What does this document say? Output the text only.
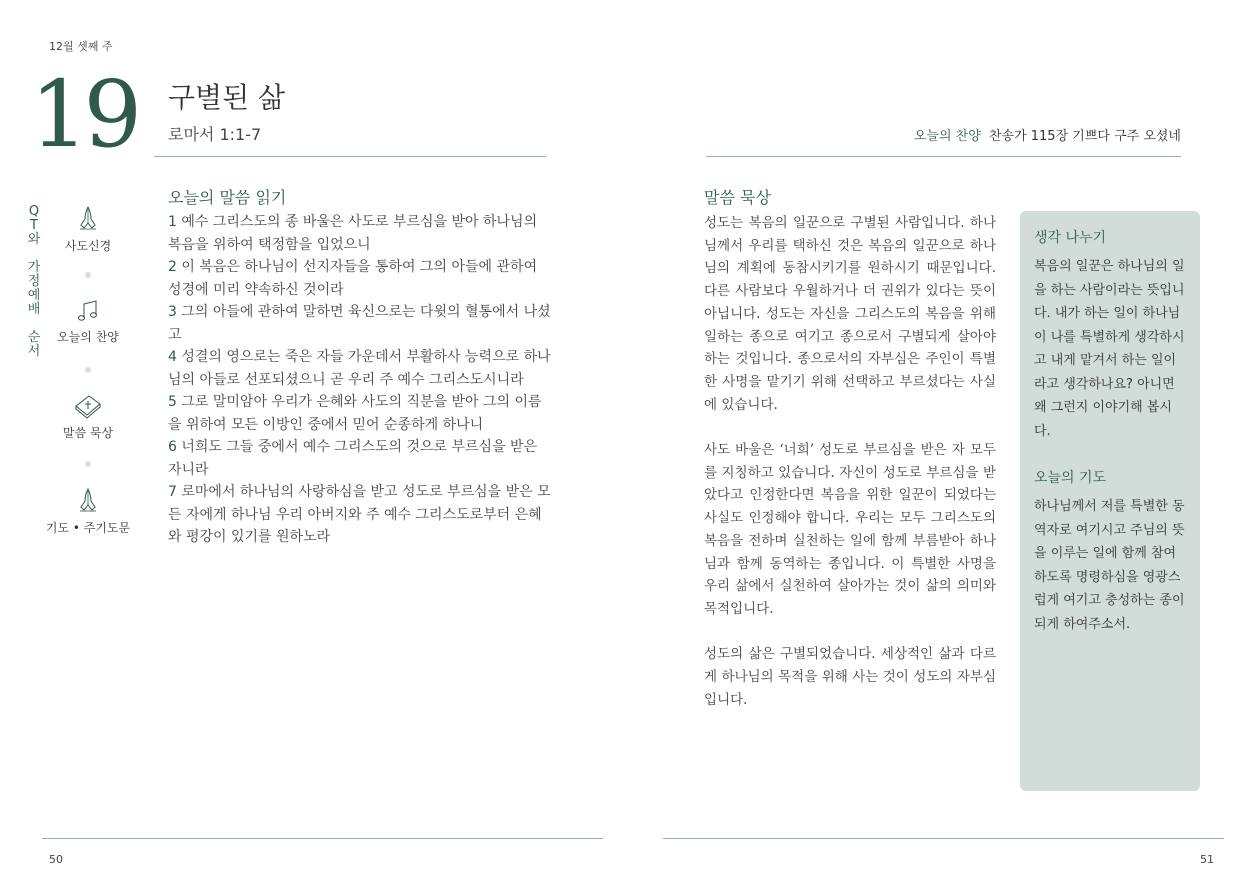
12월 셋째 주
19 구별된 삶
로마서 1:1-7	오늘의 찬양 찬송가 115장 기쁘다 구주 오셨네
Q
T
와
가
정
예
배
순
서
사도신경
오늘의 찬양
말씀 묵상
기도 • 주기도문
오늘의 말씀 읽기

1 예수 그리스도의 종 바울은 사도로 부르심을 받아 하나님의 복음을 위하여 택정함을 입었으니

2 이 복음은 하나님이 선지자들을 통하여 그의 아들에 관하여 성경에 미리 약속하신 것이라

3 그의 아들에 관하여 말하면 육신으로는 다윗의 혈통에서 나셨고

4 성결의 영으로는 죽은 자들 가운데서 부활하사 능력으로 하나님의 아들로 선포되셨으니 곧 우리 주 예수 그리스도시니라

5 그로 말미암아 우리가 은혜와 사도의 직분을 받아 그의 이름을 위하여 모든 이방인 중에서 믿어 순종하게 하나니

6 너희도 그들 중에서 예수 그리스도의 것으로 부르심을 받은 자니라

7 로마에서 하나님의 사랑하심을 받고 성도로 부르심을 받은 모든 자에게 하나님 우리 아버지와 주 예수 그리스도로부터 은혜와 평강이 있기를 원하노라

말씀 묵상

성도는 복음의 일꾼으로 구별된 사람입니다. 하나님께서 우리를 택하신 것은 복음의 일꾼으로 하나님의 계획에 동참시키기를 원하시기 때문입니다. 다른 사람보다 우월하거나 더 권위가 있다는 뜻이 아닙니다. 성도는 자신을 그리스도의 복음을 위해 일하는 종으로 여기고 종으로서 구별되게 살아야 하는 것입니다. 종으로서의 자부심은 주인이 특별한 사명을 맡기기 위해 선택하고 부르셨다는 사실에 있습니다.

사도 바울은 ‘너희’ 성도로 부르심을 받은 자 모두를 지칭하고 있습니다. 자신이 성도로 부르심을 받았다고 인정한다면 복음을 위한 일꾼이 되었다는 사실도 인정해야 합니다. 우리는 모두 그리스도의 복음을 전하며 실천하는 일에 함께 부름받아 하나님과 함께 동역하는 종입니다. 이 특별한 사명을 우리 삶에서 실천하여 살아가는 것이 삶의 의미와 목적입니다.

성도의 삶은 구별되었습니다. 세상적인 삶과 다르게 하나님의 목적을 위해 사는 것이 성도의 자부심입니다.

생각 나누기
복음의 일꾼은 하나님의 일을 하는 사람이라는 뜻입니다. 내가 하는 일이 하나님이 나를 특별하게 생각하시고 내게 맡겨서 하는 일이라고 생각하나요? 아니면 왜 그런지 이야기해 봅시다.
오늘의 기도
하나님께서 저를 특별한 동역자로 여기시고 주님의 뜻을 이루는 일에 함께 참여하도록 명령하심을 영광스럽게 여기고 충성하는 종이 되게 하여주소서.
50	51
